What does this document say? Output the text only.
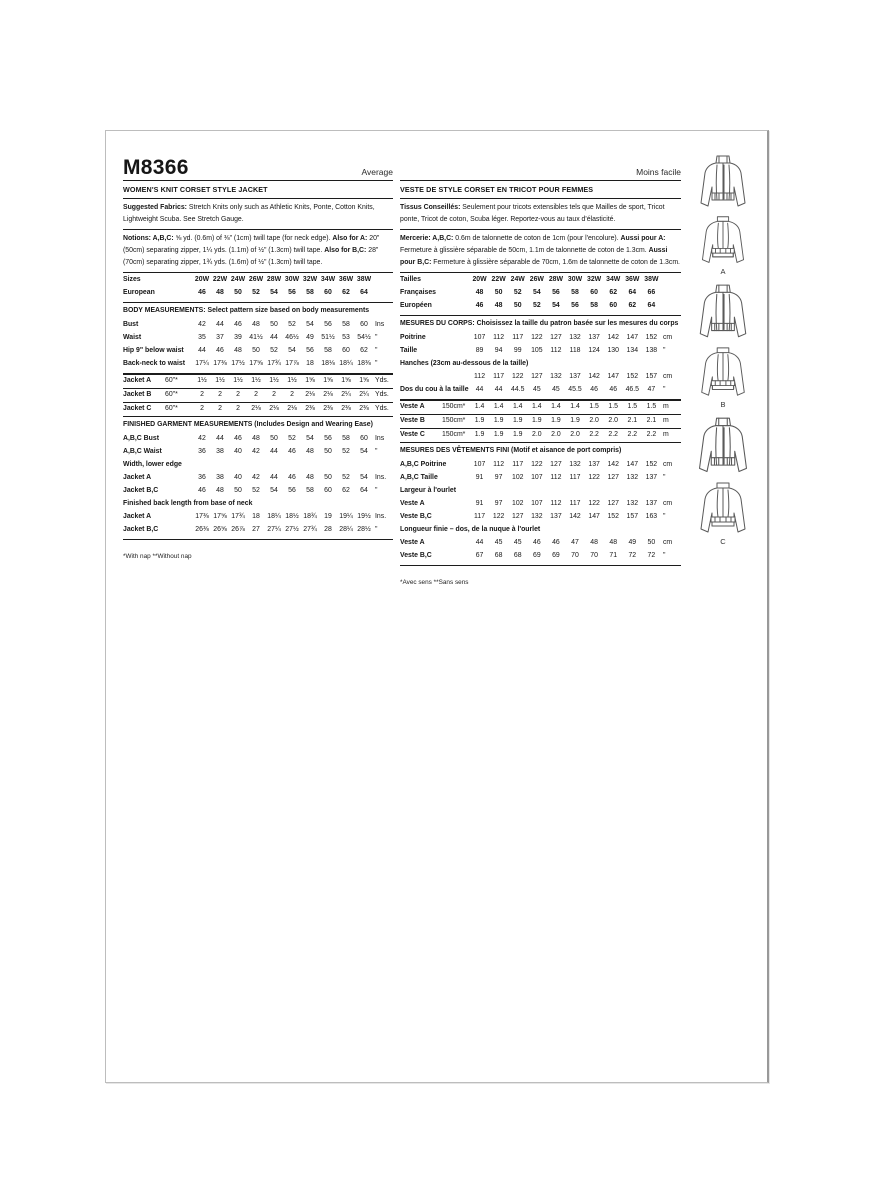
M8366	Average
WOMEN'S KNIT CORSET STYLE JACKET
Suggested Fabrics: Stretch Knits only such as Athletic Knits, Ponte, Cotton Knits, Lightweight Scuba. See Stretch Gauge.
Notions: A,B,C: ⅝ yd. (0.6m) of ⅜" (1cm) twill tape (for neck edge). Also for A: 20" (50cm) separating zipper, 1¼ yds. (1.1m) of ½" (1.3cm) twill tape. Also for B,C: 28" (70cm) separating zipper, 1¾ yds. (1.6m) of ½" (1.3cm) twill tape.
Sizes	20W 22W 24W 26W 28W 30W 32W 34W 36W 38W
European	46	48	50	52	54	56	58	60	62	64
BODY MEASUREMENTS: Select pattern size based on body measurements
Bust	42	44	46	48	50	52	54	56	58	60	Ins
Waist	35	37	39	41½	44	46½	49	51½	53	54½ "
Hip 9" below waist	44	46	48	50	52	54	56	58	60	62	"
Back-neck to waist	17¼ 17⅜ 17½ 17⅝ 17¾ 17⅞	18	18⅛ 18¼ 18⅜ "
Jacket A	60"*	1½	1½	1½	1½	1½	1½	1⅝	1⅝	1⅝	1⅝ Yds.
Jacket B	60"*	2	2	2	2	2	2	2⅛	2⅛	2¼	2¼ Yds.
Jacket C	60"*	2	2	2	2⅛	2⅛	2⅛	2⅜	2⅜	2⅜	2⅜ Yds.
FINISHED GARMENT MEASUREMENTS (Includes Design and Wearing Ease)
A,B,C Bust	42	44	46	48	50	52	54	56	58	60	Ins
A,B,C Waist	36	38	40	42	44	46	48	50	52	54	"
Width, lower edge
Jacket A	36	38	40	42	44	46	48	50	52	54	Ins.
Jacket B,C	46	48	50	52	54	56	58	60	62	64	"
Finished back length from base of neck
Jacket A	17⅜ 17⅝ 17¾	18	18¼ 18½ 18¾	19	19¼ 19½ Ins.
Jacket B,C	26⅜ 26⅝ 26⅞	27	27¼ 27½ 27¾	28	28¼ 28½ "
*With nap **Without nap
Moins facile
VESTE DE STYLE CORSET EN TRICOT POUR FEMMES
Tissus Conseillés: Seulement pour tricots extensibles tels que Mailles de sport, Tricot ponte, Tricot de coton, Scuba léger. Reportez-vous au taux d'élasticité.
Mercerie: A,B,C: 0.6m de talonnette de coton de 1cm (pour l'encolure). Aussi pour A: Fermeture à glissière séparable de 50cm, 1.1m de talonnette de coton de 1.3cm. Aussi pour B,C: Fermeture à glissière séparable de 70cm, 1.6m de talonnette de coton de 1.3cm.
Tailles	20W 22W 24W 26W 28W 30W 32W 34W 36W 38W
Françaises	48	50	52	54	56	58	60	62	64	66
Européen	46	48	50	52	54	56	58	60	62	64
MESURES DU CORPS: Choisissez la taille du patron basée sur les mesures du corps
Poitrine	107	112	117	122	127	132	137	142	147	152 cm
Taille	89	94	99	105	112	118	124	130	134	138 "
Hanches (23cm au-dessous de la taille)
112	117	122	127	132	137	142	147	152	157 cm
Dos du cou à la taille	44	44	44.5	45	45	45.5	46	46	46.5	47	"
Veste A	150cm*	1.4	1.4	1.4	1.4	1.4	1.4	1.5	1.5	1.5	1.5 m
Veste B	150cm*	1.9	1.9	1.9	1.9	1.9	1.9	2.0	2.0	2.1	2.1 m
Veste C	150cm*	1.9	1.9	1.9	2.0	2.0	2.0	2.2	2.2	2.2	2.2 m
MESURES DES VÊTEMENTS FINI (Motif et aisance de port compris)
A,B,C Poitrine	107	112	117	122	127	132	137	142	147	152 cm
A,B,C Taille	91	97	102	107	112	117	122	127	132	137 "
Largeur à l'ourlet
Veste A	91	97	102	107	112	117	122	127	132	137 cm
Veste B,C	117	122	127	132	137	142	147	152	157	163 "
Longueur finie – dos, de la nuque à l'ourlet
Veste A	44	45	45	46	46	47	48	48	49	50	cm
Veste B,C	67	68	68	69	69	70	70	71	72	72	"
*Avec sens **Sans sens
A
B
C
